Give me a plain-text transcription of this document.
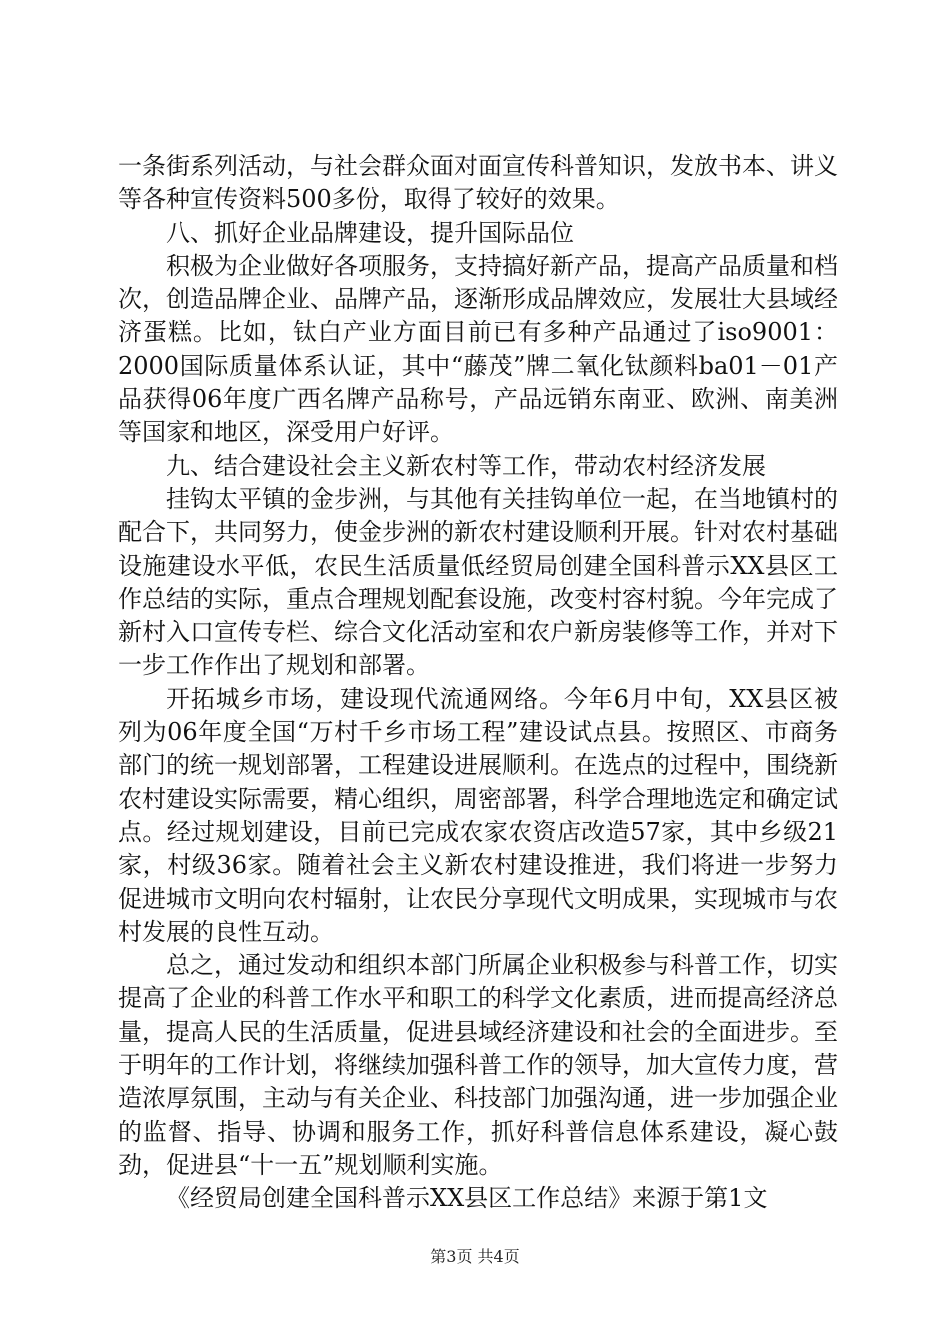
一条街系列活动，与社会群众面对面宣传科普知识，发放书本、讲义等各种宣传资料500多份，取得了较好的效果。

八、抓好企业品牌建设，提升国际品位

积极为企业做好各项服务，支持搞好新产品，提高产品质量和档次，创造品牌企业、品牌产品，逐渐形成品牌效应，发展壮大县域经济蛋糕。比如，钛白产业方面目前已有多种产品通过了iso9001：2000国际质量体系认证，其中“藤茂”牌二氧化钛颜料ba01－01产品获得06年度广西名牌产品称号，产品远销东南亚、欧洲、南美洲等国家和地区，深受用户好评。

九、结合建设社会主义新农村等工作，带动农村经济发展

挂钩太平镇的金步洲，与其他有关挂钩单位一起，在当地镇村的配合下，共同努力，使金步洲的新农村建设顺利开展。针对农村基础设施建设水平低，农民生活质量低经贸局创建全国科普示XX县区工作总结的实际，重点合理规划配套设施，改变村容村貌。今年完成了新村入口宣传专栏、综合文化活动室和农户新房装修等工作，并对下一步工作作出了规划和部署。

开拓城乡市场，建设现代流通网络。今年6月中旬，XX县区被列为06年度全国“万村千乡市场工程”建设试点县。按照区、市商务部门的统一规划部署，工程建设进展顺利。在选点的过程中，围绕新农村建设实际需要，精心组织，周密部署，科学合理地选定和确定试点。经过规划建设，目前已完成农家农资店改造57家，其中乡级21家，村级36家。随着社会主义新农村建设推进，我们将进一步努力促进城市文明向农村辐射，让农民分享现代文明成果，实现城市与农村发展的良性互动。

总之，通过发动和组织本部门所属企业积极参与科普工作，切实提高了企业的科普工作水平和职工的科学文化素质，进而提高经济总量，提高人民的生活质量，促进县域经济建设和社会的全面进步。至于明年的工作计划，将继续加强科普工作的领导，加大宣传力度，营造浓厚氛围，主动与有关企业、科技部门加强沟通，进一步加强企业的监督、指导、协调和服务工作，抓好科普信息体系建设，凝心鼓劲，促进县“十一五”规划顺利实施。

《经贸局创建全国科普示XX县区工作总结》来源于第1文

第3页 共4页
